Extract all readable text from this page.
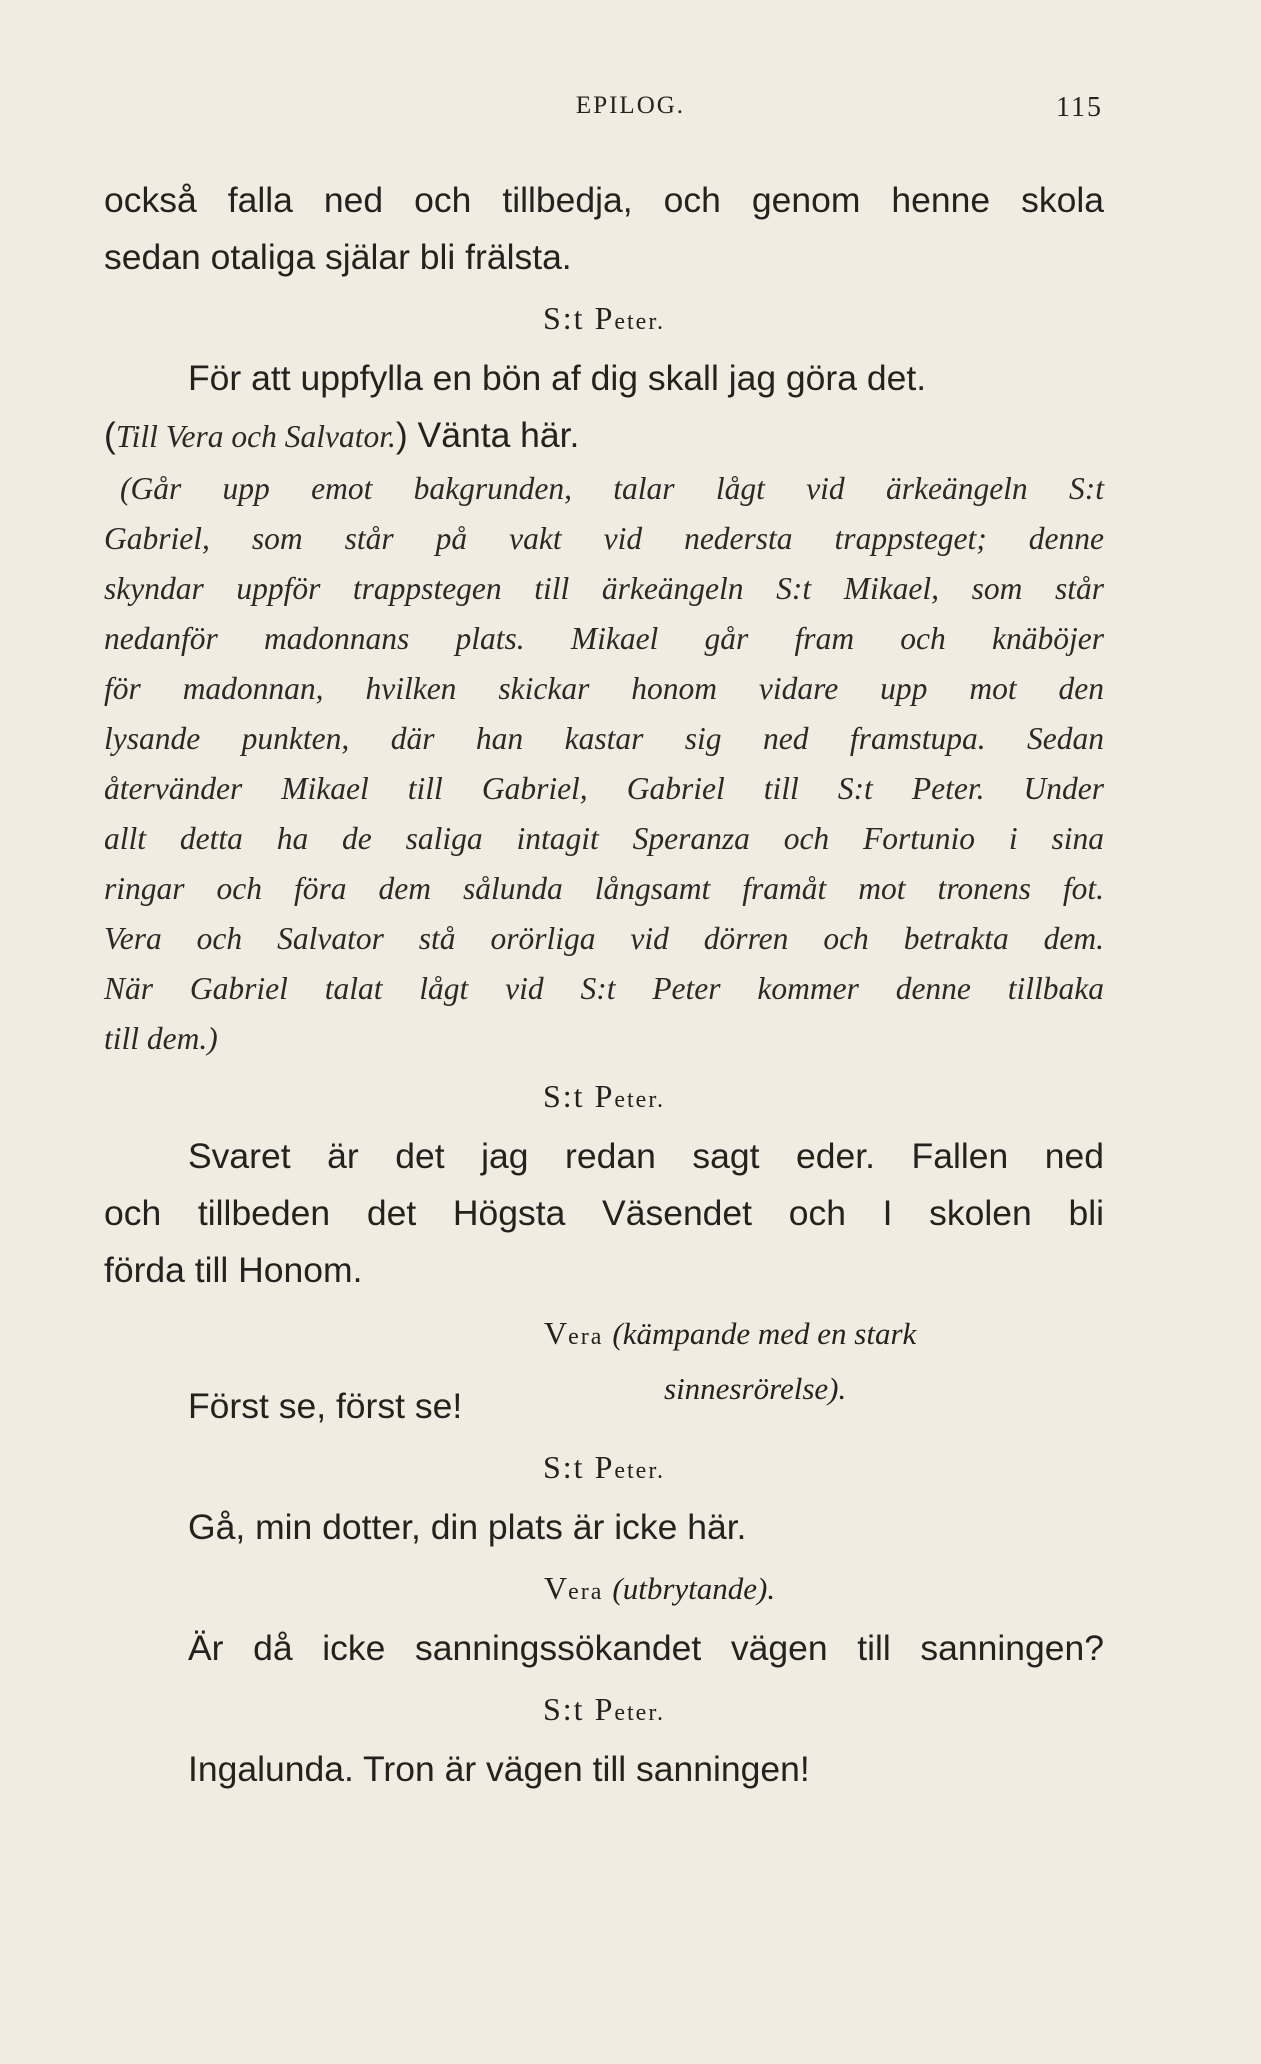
EPILOG.	115
också falla ned och tillbedja, och genom henne skola
sedan otaliga själar bli frälsta.
S:t Peter.
För att uppfylla en bön af dig skall jag göra det.
(Till Vera och Salvator.) Vänta här.
(Går upp emot bakgrunden, talar lågt vid ärkeängeln S:t
Gabriel, som står på vakt vid nedersta trappsteget; denne
skyndar uppför trappstegen till ärkeängeln S:t Mikael, som står
nedanför madonnans plats. Mikael går fram och knäböjer
för madonnan, hvilken skickar honom vidare upp mot den
lysande punkten, där han kastar sig ned framstupa. Sedan
återvänder Mikael till Gabriel, Gabriel till S:t Peter. Under
allt detta ha de saliga intagit Speranza och Fortunio i sina
ringar och föra dem sålunda långsamt framåt mot tronens fot.
Vera och Salvator stå orörliga vid dörren och betrakta dem.
När Gabriel talat lågt vid S:t Peter kommer denne tillbaka
till dem.)
S:t Peter.
Svaret är det jag redan sagt eder. Fallen ned
och tillbeden det Högsta Väsendet och I skolen bli
förda till Honom.
Vera (kämpande med en stark
sinnesrörelse).
Först se, först se!
S:t Peter.
Gå, min dotter, din plats är icke här.
Vera (utbrytande).
Är då icke sanningssökandet vägen till sanningen?
S:t Peter.
Ingalunda. Tron är vägen till sanningen!
